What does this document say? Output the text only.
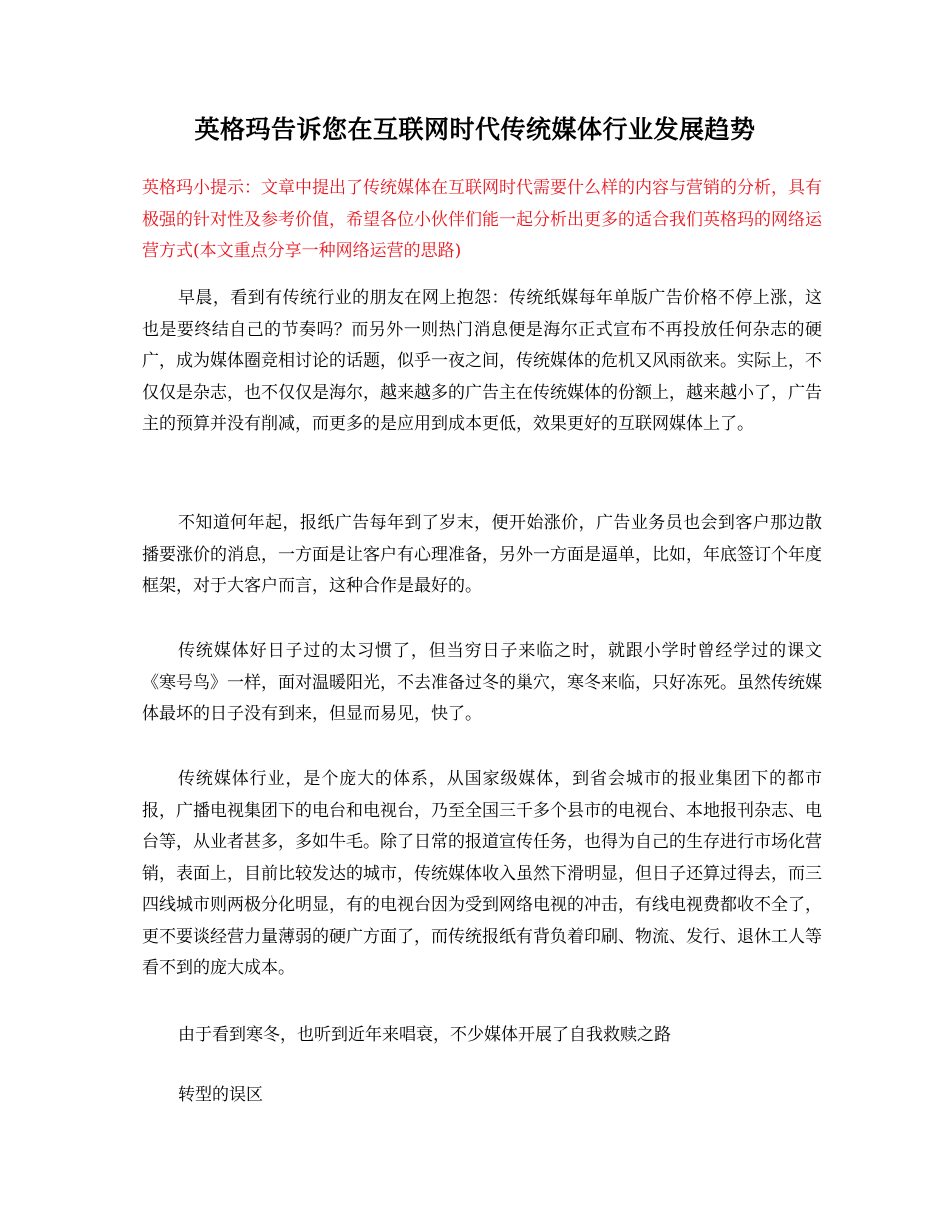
英格玛告诉您在互联网时代传统媒体行业发展趋势
英格玛小提示：文章中提出了传统媒体在互联网时代需要什么样的内容与营销的分析，具有极强的针对性及参考价值，希望各位小伙伴们能一起分析出更多的适合我们英格玛的网络运营方式(本文重点分享一种网络运营的思路)
早晨，看到有传统行业的朋友在网上抱怨：传统纸媒每年单版广告价格不停上涨，这也是要终结自己的节奏吗？而另外一则热门消息便是海尔正式宣布不再投放任何杂志的硬广，成为媒体圈竞相讨论的话题，似乎一夜之间，传统媒体的危机又风雨欲来。实际上，不仅仅是杂志，也不仅仅是海尔，越来越多的广告主在传统媒体的份额上，越来越小了，广告主的预算并没有削减，而更多的是应用到成本更低，效果更好的互联网媒体上了。
不知道何年起，报纸广告每年到了岁末，便开始涨价，广告业务员也会到客户那边散播要涨价的消息，一方面是让客户有心理准备，另外一方面是逼单，比如，年底签订个年度框架，对于大客户而言，这种合作是最好的。
传统媒体好日子过的太习惯了，但当穷日子来临之时，就跟小学时曾经学过的课文《寒号鸟》一样，面对温暖阳光，不去准备过冬的巢穴，寒冬来临，只好冻死。虽然传统媒体最坏的日子没有到来，但显而易见，快了。
传统媒体行业，是个庞大的体系，从国家级媒体，到省会城市的报业集团下的都市报，广播电视集团下的电台和电视台，乃至全国三千多个县市的电视台、本地报刊杂志、电台等，从业者甚多，多如牛毛。除了日常的报道宣传任务，也得为自己的生存进行市场化营销，表面上，目前比较发达的城市，传统媒体收入虽然下滑明显，但日子还算过得去，而三四线城市则两极分化明显，有的电视台因为受到网络电视的冲击，有线电视费都收不全了，更不要谈经营力量薄弱的硬广方面了，而传统报纸有背负着印刷、物流、发行、退休工人等看不到的庞大成本。
由于看到寒冬，也听到近年来唱衰，不少媒体开展了自我救赎之路
转型的误区
